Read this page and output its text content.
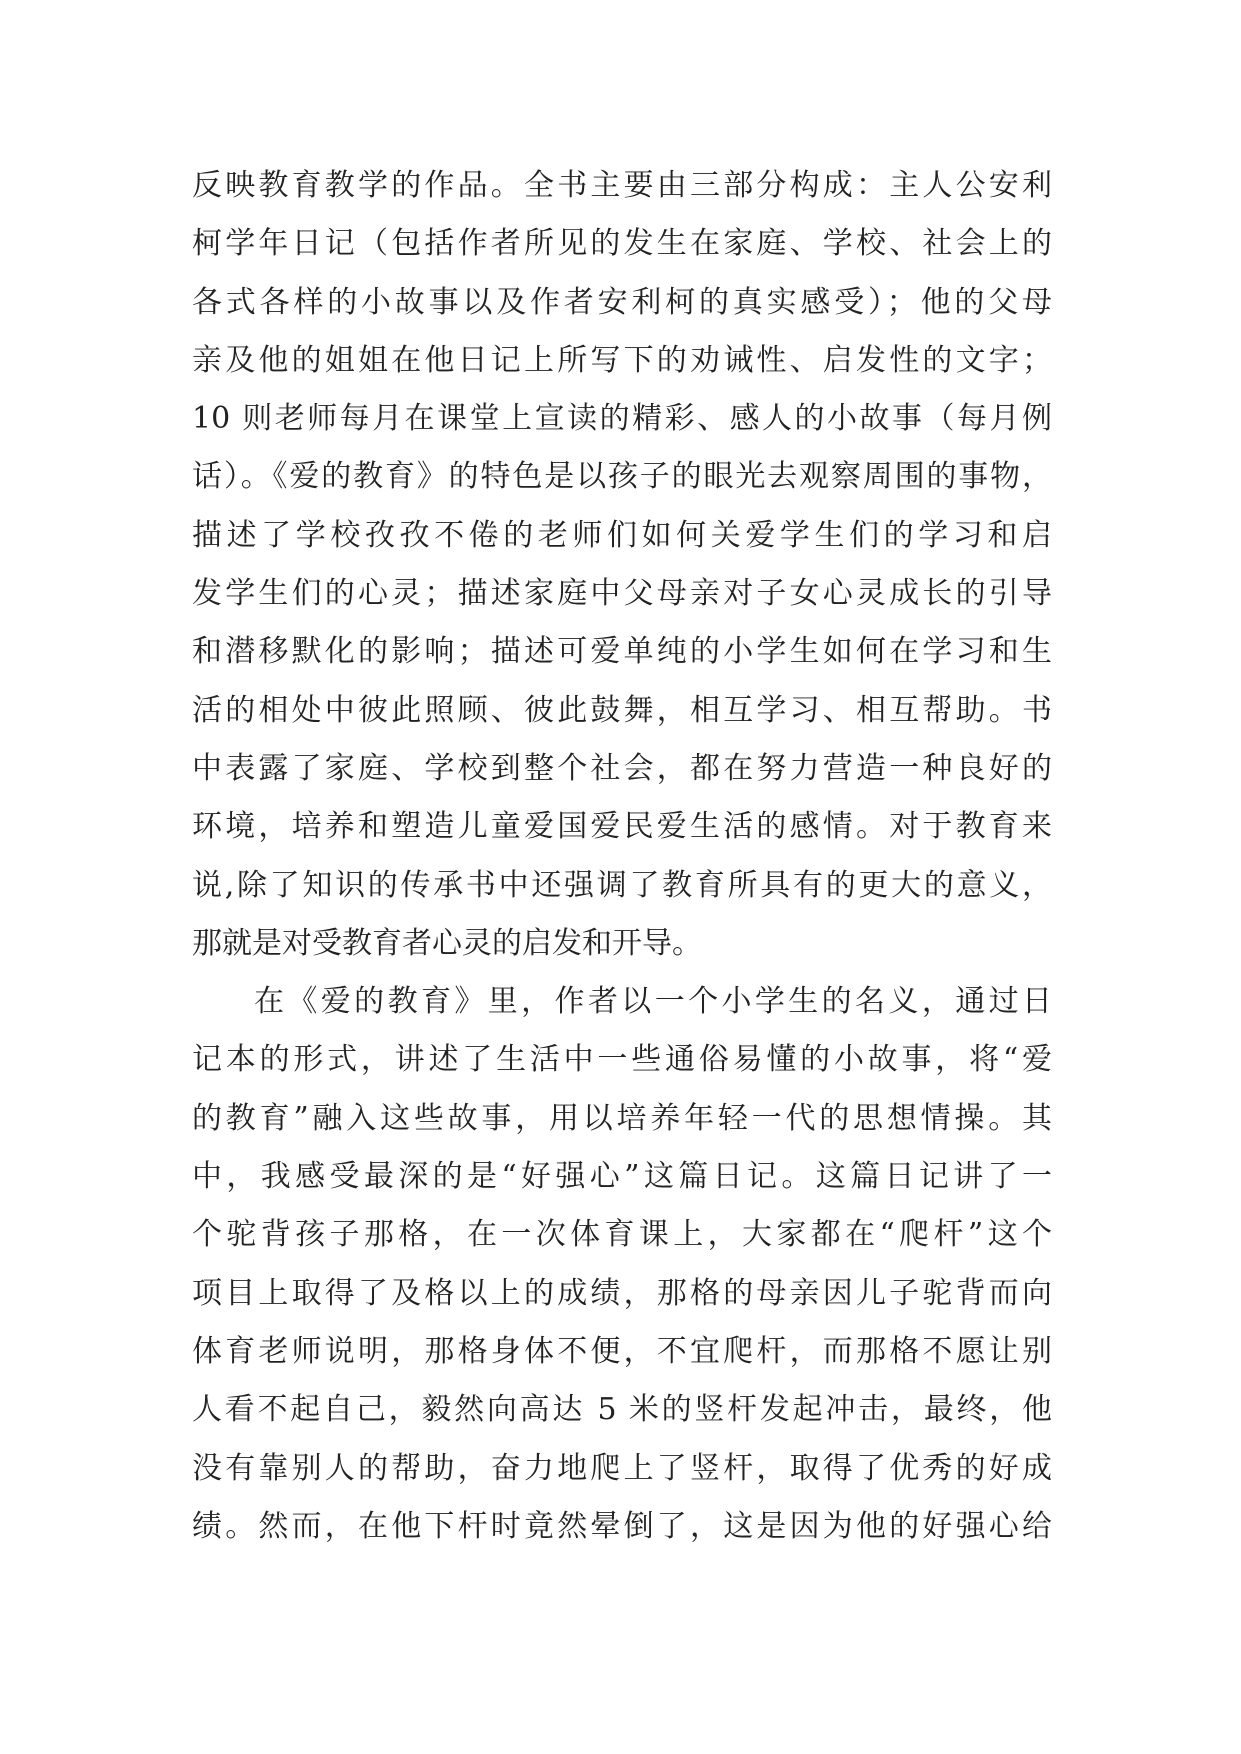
反映教育教学的作品。全书主要由三部分构成：主人公安利
柯学年日记（包括作者所见的发生在家庭、学校、社会上的
各式各样的小故事以及作者安利柯的真实感受）；他的父母
亲及他的姐姐在他日记上所写下的劝诫性、启发性的文字；
10 则老师每月在课堂上宣读的精彩、感人的小故事（每月例
话）。《爱的教育》的特色是以孩子的眼光去观察周围的事物，
描述了学校孜孜不倦的老师们如何关爱学生们的学习和启
发学生们的心灵；描述家庭中父母亲对子女心灵成长的引导
和潜移默化的影响；描述可爱单纯的小学生如何在学习和生
活的相处中彼此照顾、彼此鼓舞，相互学习、相互帮助。书
中表露了家庭、学校到整个社会，都在努力营造一种良好的
环境，培养和塑造儿童爱国爱民爱生活的感情。对于教育来
说,除了知识的传承书中还强调了教育所具有的更大的意义，
那就是对受教育者心灵的启发和开导。
在《爱的教育》里，作者以一个小学生的名义，通过日
记本的形式，讲述了生活中一些通俗易懂的小故事，将“爱
的教育”融入这些故事，用以培养年轻一代的思想情操。其
中，我感受最深的是“好强心”这篇日记。这篇日记讲了一
个驼背孩子那格，在一次体育课上，大家都在“爬杆”这个
项目上取得了及格以上的成绩，那格的母亲因儿子驼背而向
体育老师说明，那格身体不便，不宜爬杆，而那格不愿让别
人看不起自己，毅然向高达 5 米的竖杆发起冲击，最终，他
没有靠别人的帮助，奋力地爬上了竖杆，取得了优秀的好成
绩。然而，在他下杆时竟然晕倒了，这是因为他的好强心给
